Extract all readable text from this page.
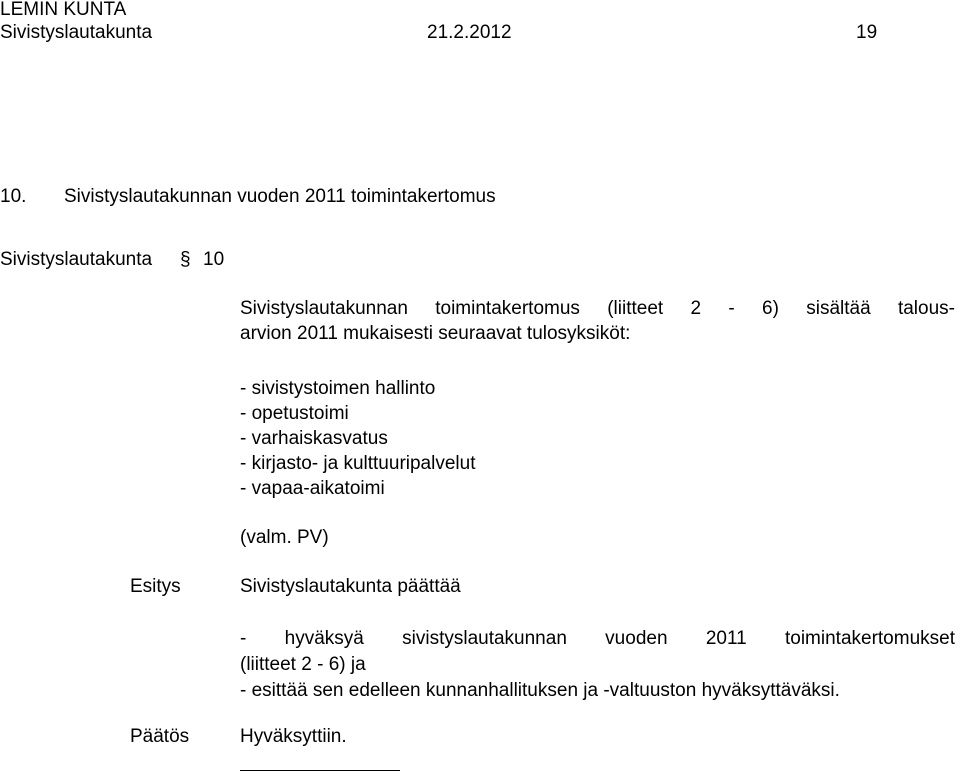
LEMIN KUNTA
Sivistyslautakunta	21.2.2012	19
10. Sivistyslautakunnan vuoden 2011 toimintakertomus
Sivistyslautakunta § 10
Sivistyslautakunnan toimintakertomus (liitteet 2 - 6) sisältää talous-
arvion 2011 mukaisesti seuraavat tulosyksiköt:
- sivistystoimen hallinto
- opetustoimi
- varhaiskasvatus
- kirjasto- ja kulttuuripalvelut
- vapaa-aikatoimi
(valm. PV)
Esitys	Sivistyslautakunta päättää
- hyväksyä sivistyslautakunnan vuoden 2011 toimintakertomukset
(liitteet 2 - 6) ja
- esittää sen edelleen kunnanhallituksen ja -valtuuston hyväksyttäväksi.
Päätös	Hyväksyttiin.
